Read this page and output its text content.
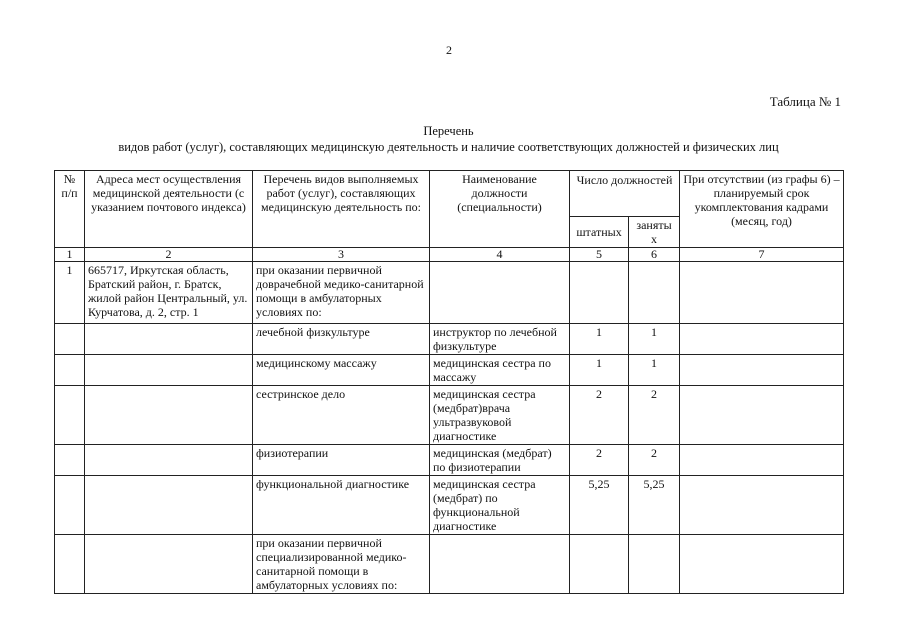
2
Таблица № 1
Перечень
видов работ (услуг), составляющих медицинскую деятельность и наличие соответствующих должностей и физических лиц
№ п/п	Адреса мест осуществления медицинской деятельности (с указанием почтового индекса)	Перечень видов выполняемых работ (услуг), составляющих медицинскую деятельность по:	Наименование должности (специальности)	Число должностей		При отсутствии (из графы 6) – планируемый срок укомплектования кадрами (месяц, год)
				штатных	заняты х	
1	2	3	4	5	6	7
1	665717, Иркутская область, Братский район, г. Братск, жилой район Центральный, ул. Курчатова, д. 2, стр. 1	при оказании первичной доврачебной медико-санитарной помощи в амбулаторных условиях по:				
		лечебной физкультуре	инструктор по лечебной физкультуре	1	1	
		медицинскому массажу	медицинская сестра по массажу	1	1	
		сестринское дело	медицинская сестра (медбрат)врача ультразвуковой диагностике	2	2	
		физиотерапии	медицинская (медбрат) по физиотерапии	2	2	
		функциональной диагностике	медицинская сестра (медбрат) по функциональной диагностике	5,25	5,25	
		при оказании первичной специализированной медико-санитарной помощи в амбулаторных условиях по:				
